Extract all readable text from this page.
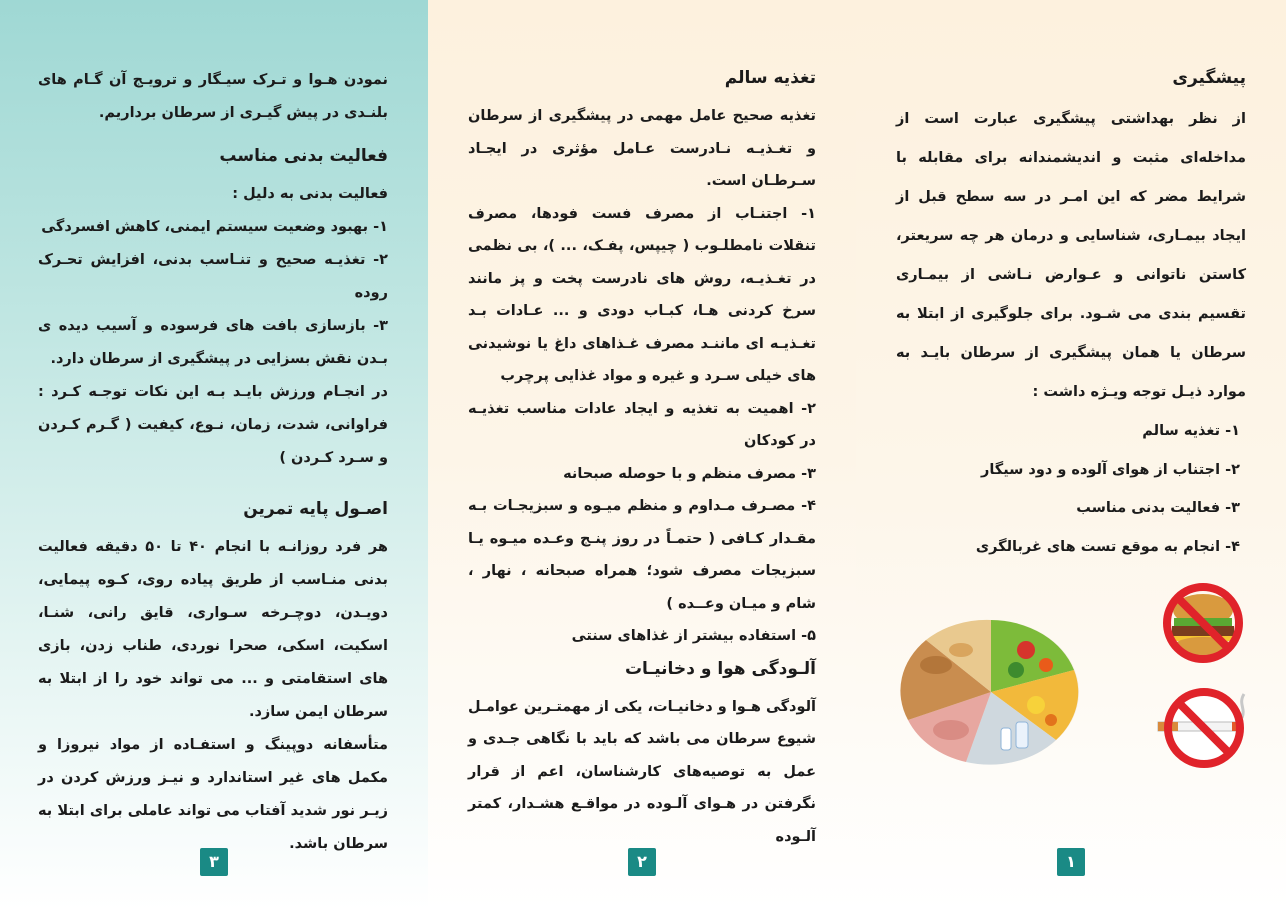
نمودن هـوا و تـرک سیـگار و ترویـج آن گـام های بلنـدی در پیش گیـری از سرطان برداریم.

فعالیت بدنی مناسب

فعالیت بدنی به دلیل :

۱- بهبود وضعیت سیستم ایمنی، کاهش افسردگی

۲- تغذیـه صحیح و تنـاسب بدنی، افزایش تحـرک روده

۳- بازسازی بافت های فرسوده و آسیب دیده ی بـدن نقش بسزایی در پیشگیری از سرطان دارد.

در انجـام ورزش بایـد بـه این نکات توجـه کـرد : فراوانی، شدت، زمان، نـوع، کیفیت ( گـرم کـردن و سـرد کـردن )

اصـول پایه تمرین

هر فرد روزانـه با انجام ۴۰ تا ۵۰ دقیقه فعالیت بدنی منـاسب از طریق پیاده روی، کـوه پیمایی، دویـدن، دوچـرخه سـواری، قایق رانی، شنـا، اسکیت، اسکی، صحرا نوردی، طناب زدن، بازی های استقامتی و ... می تواند خود را از ابتلا به سرطان ایمن سازد.

متأسفانه دوپینگ و استفـاده از مواد نیروزا و مکمل های غیر استاندارد و نیـز ورزش کردن در زیـر نور شدید آفتاب می تواند عاملی برای ابتلا به سرطان باشد.

۳
تغذیه سالم

تغذیه صحیح عامل مهمی در پیشگیری از سرطان و تغـذیـه نـادرست عـامل مؤثری در ایجـاد سـرطـان است.

۱- اجتنـاب از مصرف فست فودها، مصرف تنقلات نامطلـوب ( چیپس، پفـک، ... )، بی نظمی در تغـذیـه، روش های نادرست پخت و پز مانند سرخ کردنی هـا، کبـاب دودی و ... عـادات بـد تغـذیـه ای ماننـد مصرف غـذاهای داغ یا نوشیدنی های خیلی سـرد و غیره و مواد غذایی پرچرب

۲- اهمیت به تغذیه و ایجاد عادات مناسب تغذیـه در کودکان

۳- مصرف منظم و با حوصله صبحانه

۴- مصـرف مـداوم و منظم میـوه و سبزیجـات بـه مقـدار کـافی ( حتمـاً در روز پنـج وعـده میـوه یـا سبزیجات مصرف شود؛ همراه صبحانه ، نهار ، شام و میـان وعــده )

۵- استفاده بیشتر از غذاهای سنتی

آلـودگی هوا و دخانیـات

آلودگی هـوا و دخانیـات، یکی از مهمتـرین عوامـل شیوع سرطان می باشد که باید با نگاهی جـدی و عمل به توصیه‌های کارشناسان، اعم از قرار نگرفتن در هـوای آلـوده در مواقـع هشـدار، کمتر آلـوده

۲
پیشگیری

از نظر بهداشتی پیشگیری عبارت است از مداخله‌ای مثبت و اندیشمندانه برای مقابله با شرایط مضر که این امـر در سه سطح قبل از ایجاد بیمـاری، شناسایی و درمان هر چه سریعتر، کاستن ناتوانی و عـوارض نـاشی از بیمـاری تقسیم بندی می شـود. برای جلوگیری از ابتلا به سرطان یا همان پیشگیری از سرطان بایـد به موارد ذیـل توجه ویـژه داشت :

۱- تغذیه سالم
۲- اجتناب از هوای آلوده و دود سیگار
۳- فعالیت بدنی مناسب
۴- انجام به موقع تست های غربالگری
۱
